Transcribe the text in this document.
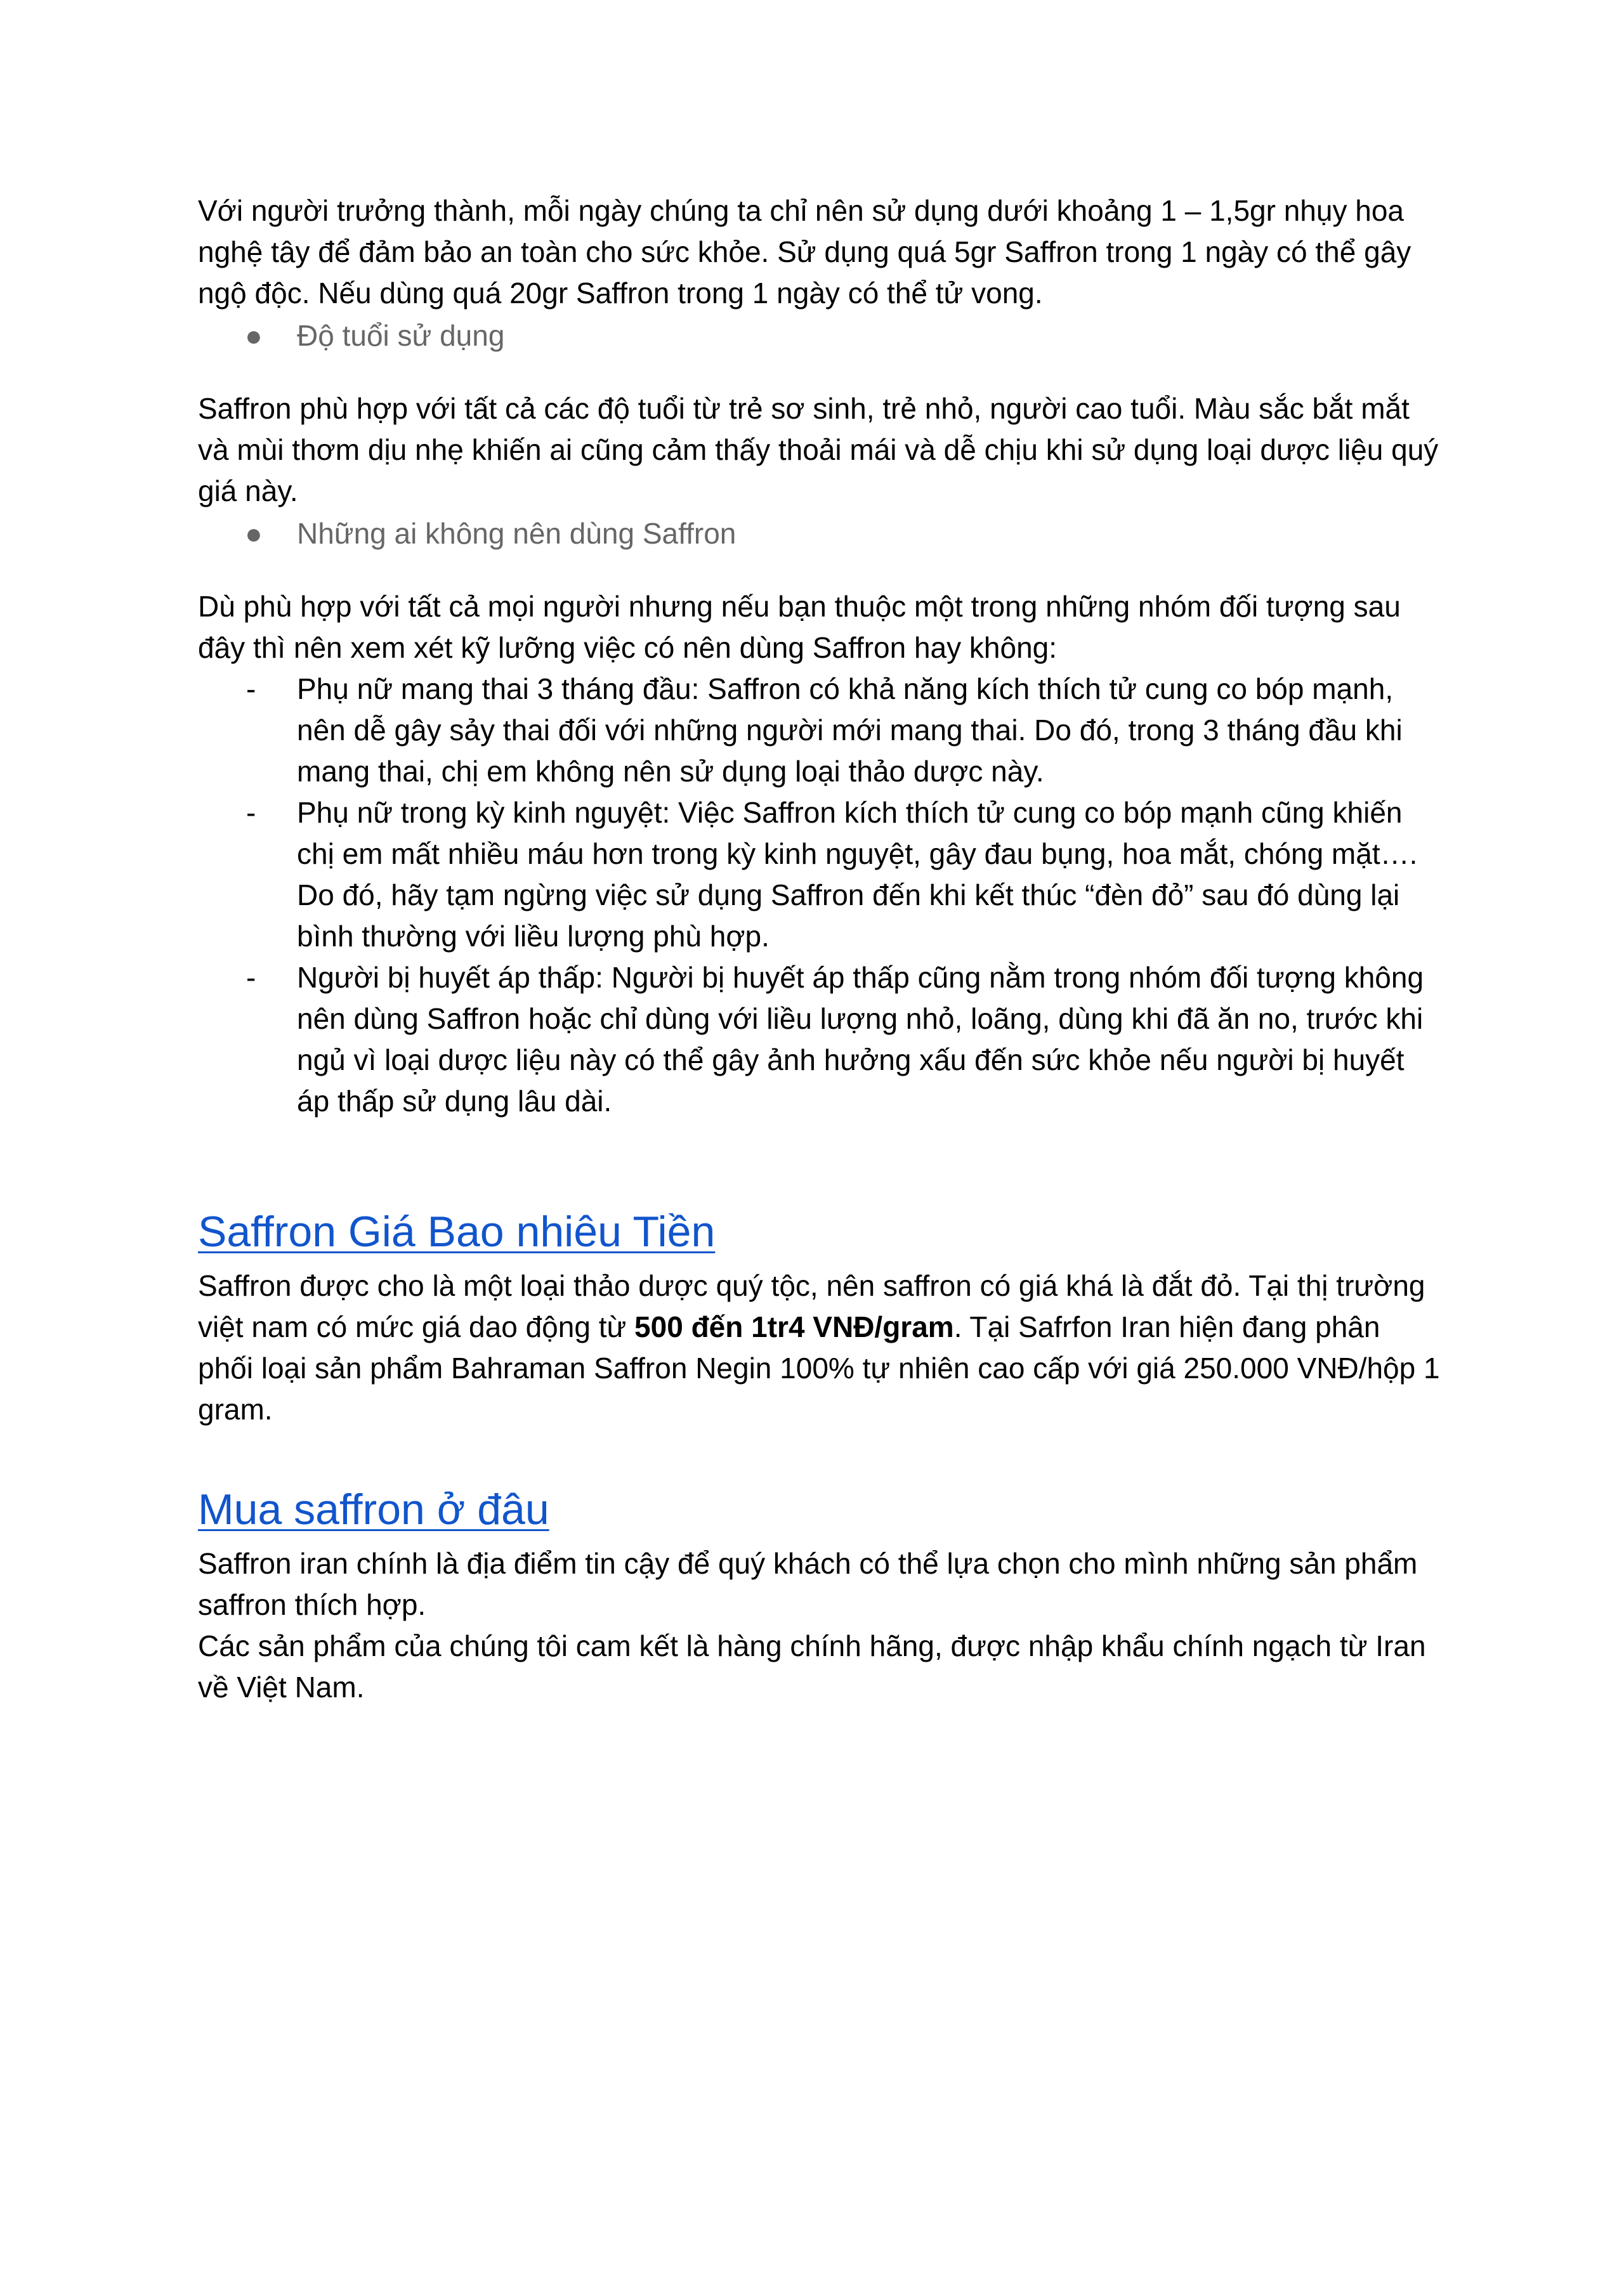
Với người trưởng thành, mỗi ngày chúng ta chỉ nên sử dụng dưới khoảng 1 – 1,5gr nhụy hoa nghệ tây để đảm bảo an toàn cho sức khỏe. Sử dụng quá 5gr Saffron trong 1 ngày có thể gây ngộ độc. Nếu dùng quá 20gr Saffron trong 1 ngày có thể tử vong.

● Độ tuổi sử dụng

Saffron phù hợp với tất cả các độ tuổi từ trẻ sơ sinh, trẻ nhỏ, người cao tuổi. Màu sắc bắt mắt và mùi thơm dịu nhẹ khiến ai cũng cảm thấy thoải mái và dễ chịu khi sử dụng loại dược liệu quý giá này.

● Những ai không nên dùng Saffron

Dù phù hợp với tất cả mọi người nhưng nếu bạn thuộc một trong những nhóm đối tượng sau đây thì nên xem xét kỹ lưỡng việc có nên dùng Saffron hay không:

- Phụ nữ mang thai 3 tháng đầu: Saffron có khả năng kích thích tử cung co bóp mạnh, nên dễ gây sảy thai đối với những người mới mang thai. Do đó, trong 3 tháng đầu khi mang thai, chị em không nên sử dụng loại thảo dược này.
- Phụ nữ trong kỳ kinh nguyệt: Việc Saffron kích thích tử cung co bóp mạnh cũng khiến chị em mất nhiều máu hơn trong kỳ kinh nguyệt, gây đau bụng, hoa mắt, chóng mặt…. Do đó, hãy tạm ngừng việc sử dụng Saffron đến khi kết thúc “đèn đỏ” sau đó dùng lại bình thường với liều lượng phù hợp.
- Người bị huyết áp thấp: Người bị huyết áp thấp cũng nằm trong nhóm đối tượng không nên dùng Saffron hoặc chỉ dùng với liều lượng nhỏ, loãng, dùng khi đã ăn no, trước khi ngủ vì loại dược liệu này có thể gây ảnh hưởng xấu đến sức khỏe nếu người bị huyết áp thấp sử dụng lâu dài.
Saffron Giá Bao nhiêu Tiền

Saffron được cho là một loại thảo dược quý tộc, nên saffron có giá khá là đắt đỏ. Tại thị trường việt nam có mức giá dao động từ 500 đến 1tr4 VNĐ/gram. Tại Safrfon Iran hiện đang phân phối loại sản phẩm Bahraman Saffron Negin 100% tự nhiên cao cấp với giá 250.000 VNĐ/hộp 1 gram.

Mua saffron ở đâu

Saffron iran chính là địa điểm tin cậy để quý khách có thể lựa chọn cho mình những sản phẩm saffron thích hợp.

Các sản phẩm của chúng tôi cam kết là hàng chính hãng, được nhập khẩu chính ngạch từ Iran về Việt Nam.
